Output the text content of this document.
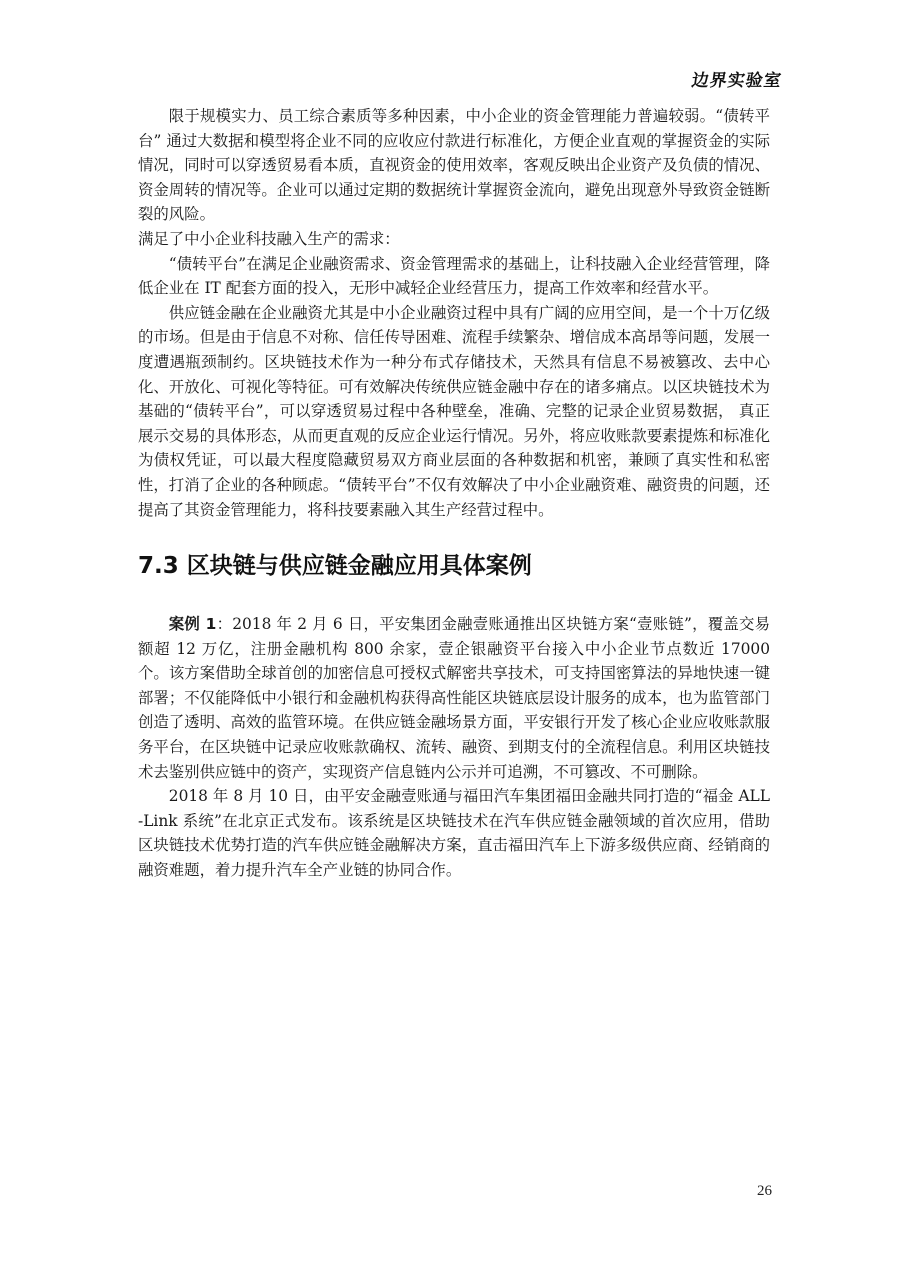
边界实验室

限于规模实力、员工综合素质等多种因素，中小企业的资金管理能力普遍较弱。“债转平台” 通过大数据和模型将企业不同的应收应付款进行标准化，方便企业直观的掌握资金的实际情况，同时可以穿透贸易看本质，直视资金的使用效率，客观反映出企业资产及负债的情况、资金周转的情况等。企业可以通过定期的数据统计掌握资金流向，避免出现意外导致资金链断裂的风险。

满足了中小企业科技融入生产的需求：

“债转平台”在满足企业融资需求、资金管理需求的基础上，让科技融入企业经营管理，降低企业在 IT 配套方面的投入，无形中减轻企业经营压力，提高工作效率和经营水平。

供应链金融在企业融资尤其是中小企业融资过程中具有广阔的应用空间，是一个十万亿级的市场。但是由于信息不对称、信任传导困难、流程手续繁杂、增信成本高昂等问题，发展一度遭遇瓶颈制约。区块链技术作为一种分布式存储技术，天然具有信息不易被篡改、去中心化、开放化、可视化等特征。可有效解决传统供应链金融中存在的诸多痛点。以区块链技术为基础的“债转平台”，可以穿透贸易过程中各种壁垒，准确、完整的记录企业贸易数据， 真正展示交易的具体形态，从而更直观的反应企业运行情况。另外，将应收账款要素提炼和标准化为债权凭证，可以最大程度隐藏贸易双方商业层面的各种数据和机密，兼顾了真实性和私密性，打消了企业的各种顾虑。“债转平台”不仅有效解决了中小企业融资难、融资贵的问题，还提高了其资金管理能力，将科技要素融入其生产经营过程中。

7.3 区块链与供应链金融应用具体案例

案例 1：2018 年 2 月 6 日，平安集团金融壹账通推出区块链方案“壹账链”，覆盖交易额超 12 万亿，注册金融机构 800 余家，壹企银融资平台接入中小企业节点数近 17000 个。该方案借助全球首创的加密信息可授权式解密共享技术，可支持国密算法的异地快速一键部署；不仅能降低中小银行和金融机构获得高性能区块链底层设计服务的成本，也为监管部门创造了透明、高效的监管环境。在供应链金融场景方面，平安银行开发了核心企业应收账款服务平台，在区块链中记录应收账款确权、流转、融资、到期支付的全流程信息。利用区块链技术去鉴别供应链中的资产，实现资产信息链内公示并可追溯，不可篡改、不可删除。

2018 年 8 月 10 日，由平安金融壹账通与福田汽车集团福田金融共同打造的“福金 ALL-Link 系统”在北京正式发布。该系统是区块链技术在汽车供应链金融领域的首次应用，借助区块链技术优势打造的汽车供应链金融解决方案，直击福田汽车上下游多级供应商、经销商的融资难题，着力提升汽车全产业链的协同合作。

26
